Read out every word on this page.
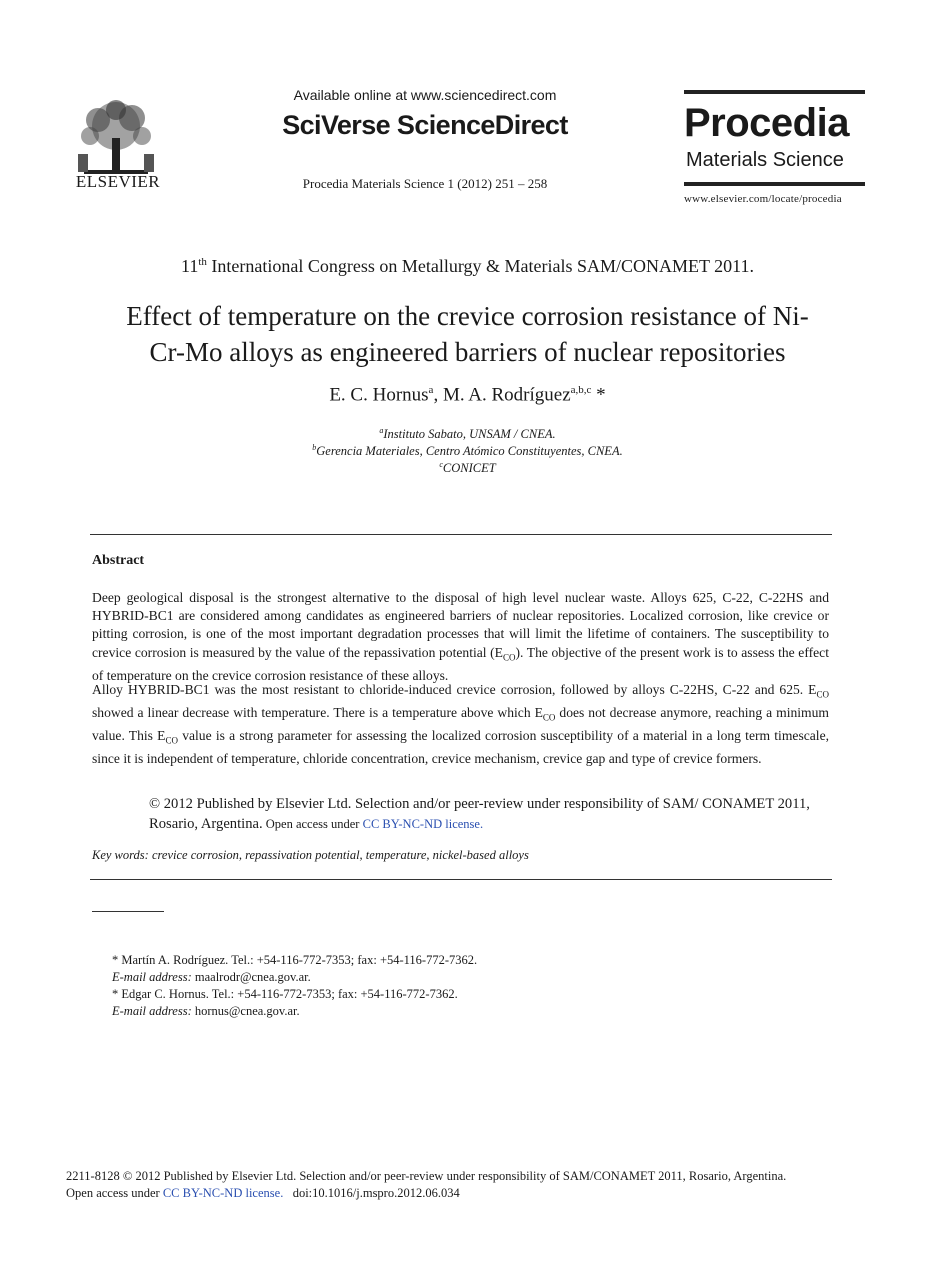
ELSEVIER
Available online at www.sciencedirect.com
SciVerse ScienceDirect
Procedia Materials Science 1 (2012) 251 – 258
Procedia
Materials Science
www.elsevier.com/locate/procedia
11th International Congress on Metallurgy & Materials SAM/CONAMET 2011.
Effect of temperature on the crevice corrosion resistance of Ni-
Cr-Mo alloys as engineered barriers of nuclear repositories
E. C. Hornus$^a$, M. A. Rodríguez$^{a,b,c}$ *
$^a$Instituto Sabato, UNSAM / CNEA.
$^b$Gerencia Materiales, Centro Atómico Constituyentes, CNEA.
$^c$CONICET
Abstract
Deep geological disposal is the strongest alternative to the disposal of high level nuclear waste. Alloys 625, C-22, C-22HS and HYBRID-BC1 are considered among candidates as engineered barriers of nuclear repositories. Localized corrosion, like crevice or pitting corrosion, is one of the most important degradation processes that will limit the lifetime of containers. The susceptibility to crevice corrosion is measured by the value of the repassivation potential $(E_{CO})$. The objective of the present work is to assess the effect of temperature on the crevice corrosion resistance of these alloys.
Alloy HYBRID-BC1 was the most resistant to chloride-induced crevice corrosion, followed by alloys C-22HS, C-22 and 625. $E_{CO}$ showed a linear decrease with temperature. There is a temperature above which $E_{CO}$ does not decrease anymore, reaching a minimum value. This $E_{CO}$ value is a strong parameter for assessing the localized corrosion susceptibility of a material in a long term timescale, since it is independent of temperature, chloride concentration, crevice mechanism, crevice gap and type of crevice formers.
© 2012 Published by Elsevier Ltd. Selection and/or peer-review under responsibility of SAM/ CONAMET 2011, Rosario, Argentina. Open access under CC BY-NC-ND license.
Key words: crevice corrosion, repassivation potential, temperature, nickel-based alloys
* Martín A. Rodríguez. Tel.: +54-116-772-7353; fax: +54-116-772-7362.
E-mail address: maalrodr@cnea.gov.ar.
* Edgar C. Hornus. Tel.: +54-116-772-7353; fax: +54-116-772-7362.
E-mail address: hornus@cnea.gov.ar.
2211-8128 © 2012 Published by Elsevier Ltd. Selection and/or peer-review under responsibility of SAM/CONAMET 2011, Rosario, Argentina.
Open access under CC BY-NC-ND license.   doi:10.1016/j.mspro.2012.06.034
